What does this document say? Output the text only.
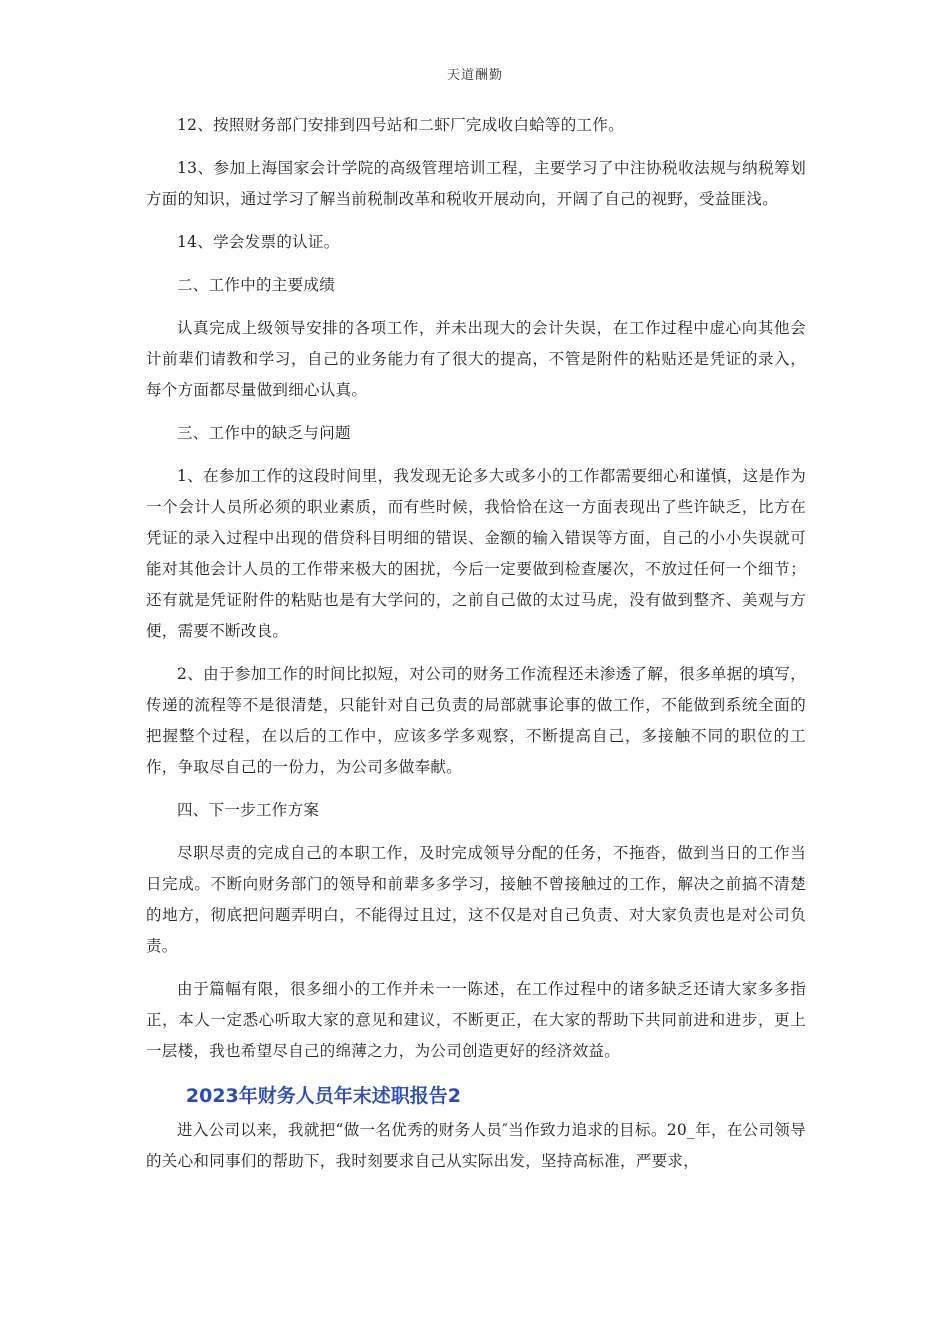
天道酬勤

12、按照财务部门安排到四号站和二虾厂完成收白蛤等的工作。

13、参加上海国家会计学院的高级管理培训工程，主要学习了中注协税收法规与纳税筹划方面的知识，通过学习了解当前税制改革和税收开展动向，开阔了自己的视野，受益匪浅。

14、学会发票的认证。

二、工作中的主要成绩

认真完成上级领导安排的各项工作，并未出现大的会计失误，在工作过程中虚心向其他会计前辈们请教和学习，自己的业务能力有了很大的提高，不管是附件的粘贴还是凭证的录入，每个方面都尽量做到细心认真。

三、工作中的缺乏与问题

1、在参加工作的这段时间里，我发现无论多大或多小的工作都需要细心和谨慎，这是作为一个会计人员所必须的职业素质，而有些时候，我恰恰在这一方面表现出了些许缺乏，比方在凭证的录入过程中出现的借贷科目明细的错误、金额的输入错误等方面，自己的小小失误就可能对其他会计人员的工作带来极大的困扰，今后一定要做到检查屡次，不放过任何一个细节；还有就是凭证附件的粘贴也是有大学问的，之前自己做的太过马虎，没有做到整齐、美观与方便，需要不断改良。

2、由于参加工作的时间比拟短，对公司的财务工作流程还未渗透了解，很多单据的填写，传递的流程等不是很清楚，只能针对自己负责的局部就事论事的做工作，不能做到系统全面的把握整个过程，在以后的工作中，应该多学多观察，不断提高自己，多接触不同的职位的工作，争取尽自己的一份力，为公司多做奉献。

四、下一步工作方案

尽职尽责的完成自己的本职工作，及时完成领导分配的任务，不拖沓，做到当日的工作当日完成。不断向财务部门的领导和前辈多多学习，接触不曾接触过的工作，解决之前搞不清楚的地方，彻底把问题弄明白，不能得过且过，这不仅是对自己负责、对大家负责也是对公司负责。

由于篇幅有限，很多细小的工作并未一一陈述，在工作过程中的诸多缺乏还请大家多多指正，本人一定悉心听取大家的意见和建议，不断更正，在大家的帮助下共同前进和进步，更上一层楼，我也希望尽自己的绵薄之力，为公司创造更好的经济效益。

2023年财务人员年末述职报告2

进入公司以来，我就把“做一名优秀的财务人员″当作致力追求的目标。20_年，在公司领导的关心和同事们的帮助下，我时刻要求自己从实际出发，坚持高标准，严要求，
